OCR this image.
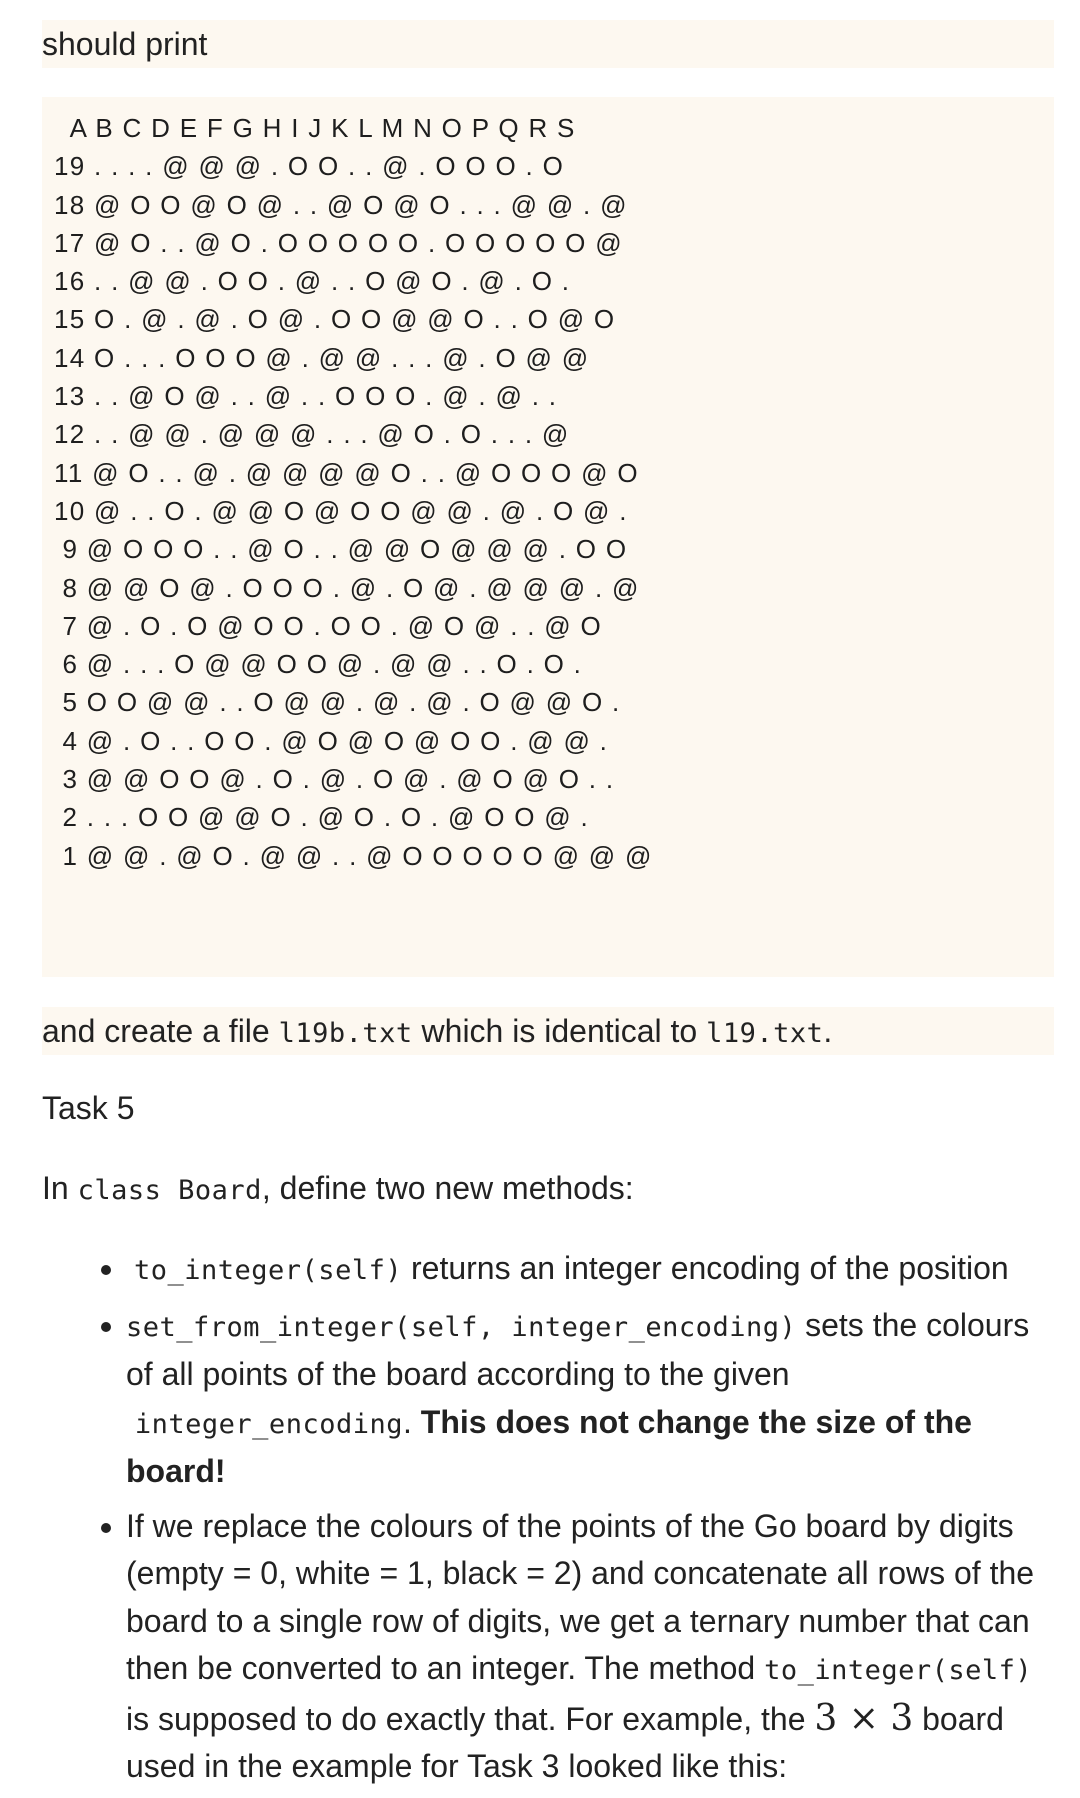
should print
A B C D E F G H I J K L M N O P Q R S
19 . . . . @ @ @ . O O . . @ . O O O . O
18 @ O O @ O @ . . @ O @ O . . . @ @ . @
17 @ O . . @ O . O O O O O . O O O O O @
16 . . @ @ . O O . @ . . O @ O . @ . O .
15 O . @ . @ . O @ . O O @ @ O . . O @ O
14 O . . . O O O @ . @ @ . . . @ . O @ @
13 . . @ O @ . . @ . . O O O . @ . @ . .
12 . . @ @ . @ @ @ . . . @ O . O . . . @
11 @ O . . @ . @ @ @ @ O . . @ O O O @ O
10 @ . . O . @ @ O @ O O @ @ . @ . O @ .
9 @ O O O . . @ O . . @ @ O @ @ @ . O O
8 @ @ O @ . O O O . @ . O @ . @ @ @ . @
7 @ . O . O @ O O . O O . @ O @ . . @ O
6 @ . . . O @ @ O O @ . @ @ . . O . O .
5 O O @ @ . . O @ @ . @ . @ . O @ @ O .
4 @ . O . . O O . @ O @ O @ O O . @ @ .
3 @ @ O O @ . O . @ . O @ . @ O @ O . .
2 . . . O O @ @ O . @ O . O . @ O O @ .
1 @ @ . @ O . @ @ . . @ O O O O O @ @ @
and create a file l19b.txt which is identical to l19.txt.
Task 5
In class Board, define two new methods:
to_integer(self) returns an integer encoding of the position
set_from_integer(self, integer_encoding) sets the colours of all points of the board according to the given
integer_encoding. This does not change the size of the board!
If we replace the colours of the points of the Go board by digits (empty = 0, white = 1, black = 2) and concatenate all rows of the board to a single row of digits, we get a ternary number that can then be converted to an integer. The method to_integer(self) is supposed to do exactly that. For example, the 3 × 3 board used in the example for Task 3 looked like this:
